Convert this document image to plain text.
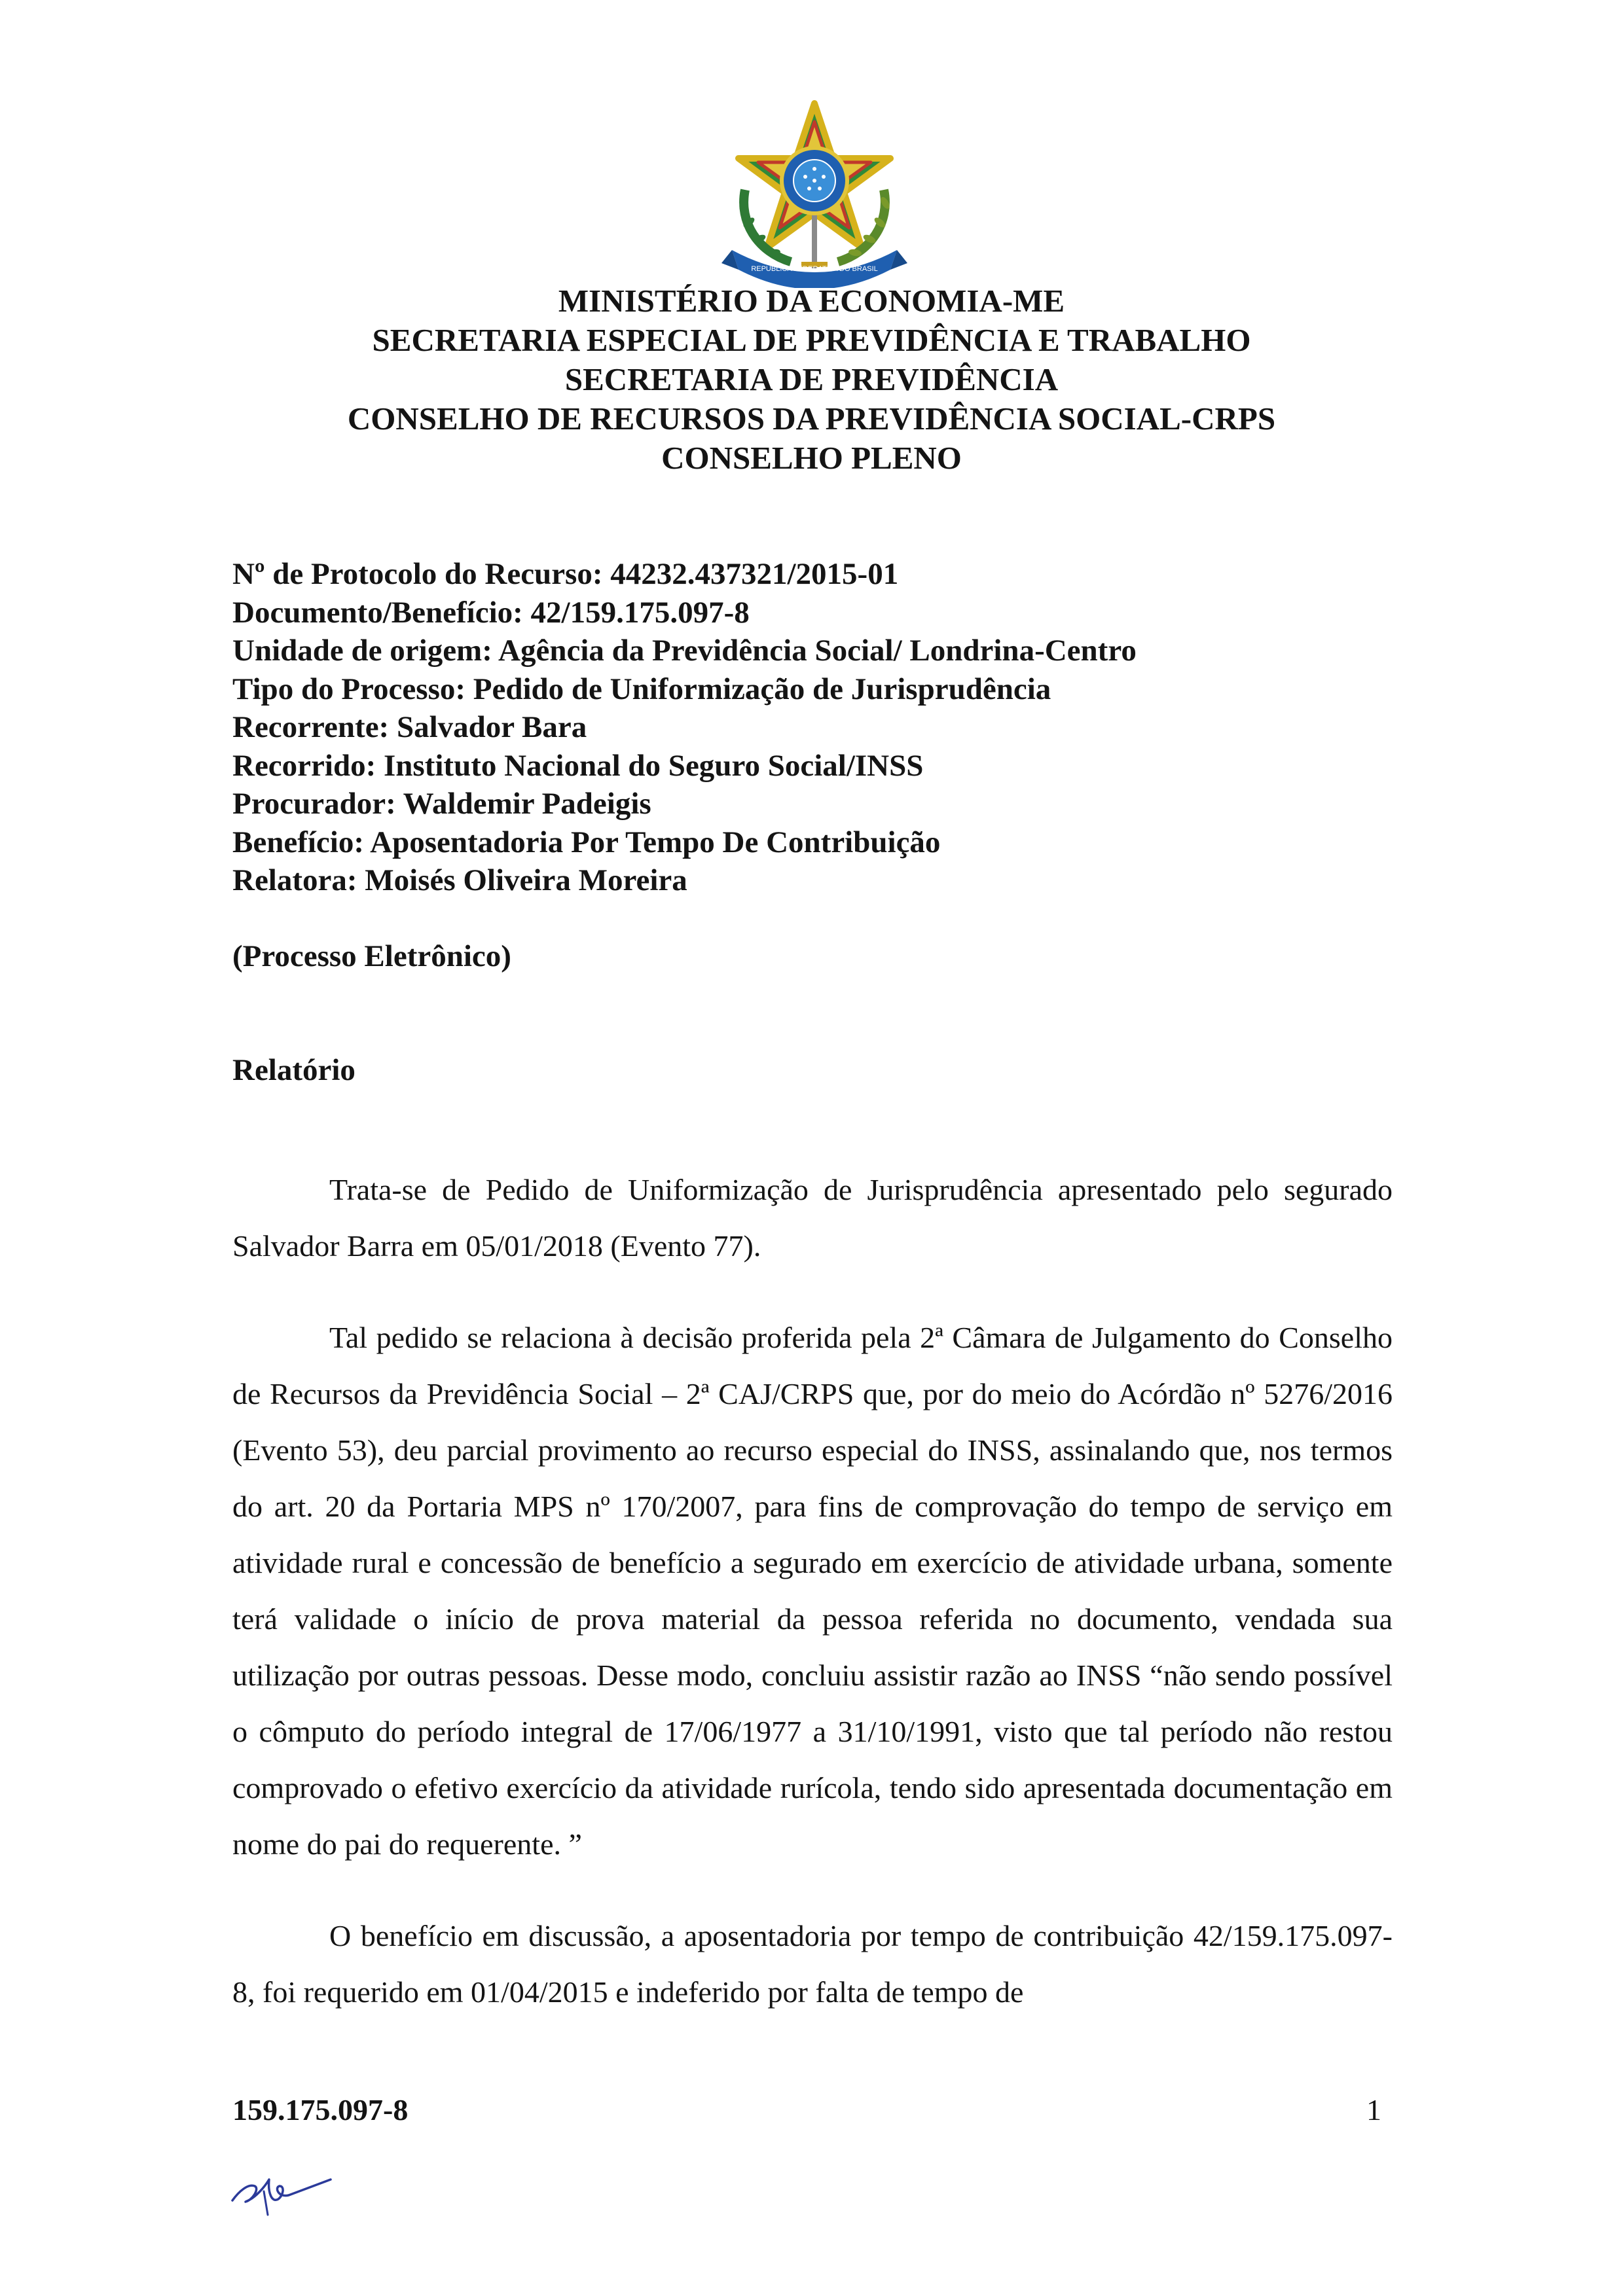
REPUBLICA FEDERATIVA DO BRASIL
MINISTÉRIO DA ECONOMIA-ME
SECRETARIA ESPECIAL DE PREVIDÊNCIA E TRABALHO
SECRETARIA DE PREVIDÊNCIA
CONSELHO DE RECURSOS DA PREVIDÊNCIA SOCIAL-CRPS
CONSELHO PLENO
Nº de Protocolo do Recurso: 44232.437321/2015-01
Documento/Benefício: 42/159.175.097-8
Unidade de origem: Agência da Previdência Social/ Londrina-Centro
Tipo do Processo: Pedido de Uniformização de Jurisprudência
Recorrente: Salvador Bara
Recorrido: Instituto Nacional do Seguro Social/INSS
Procurador: Waldemir Padeigis
Benefício: Aposentadoria Por Tempo De Contribuição
Relatora: Moisés Oliveira Moreira
(Processo Eletrônico)
Relatório

Trata-se de Pedido de Uniformização de Jurisprudência apresentado pelo segurado Salvador Barra em 05/01/2018 (Evento 77).

Tal pedido se relaciona à decisão proferida pela 2ª Câmara de Julgamento do Conselho de Recursos da Previdência Social – 2ª CAJ/CRPS que, por do meio do Acórdão nº 5276/2016 (Evento 53), deu parcial provimento ao recurso especial do INSS, assinalando que, nos termos do art. 20 da Portaria MPS nº 170/2007, para fins de comprovação do tempo de serviço em atividade rural e concessão de benefício a segurado em exercício de atividade urbana, somente terá validade o início de prova material da pessoa referida no documento, vendada sua utilização por outras pessoas. Desse modo, concluiu assistir razão ao INSS “não sendo possível o cômputo do período integral de 17/06/1977 a 31/10/1991, visto que tal período não restou comprovado o efetivo exercício da atividade rurícola, tendo sido apresentada documentação em nome do pai do requerente. ”

O benefício em discussão, a aposentadoria por tempo de contribuição 42/159.175.097-8, foi requerido em 01/04/2015 e indeferido por falta de tempo de

159.175.097-8	1
